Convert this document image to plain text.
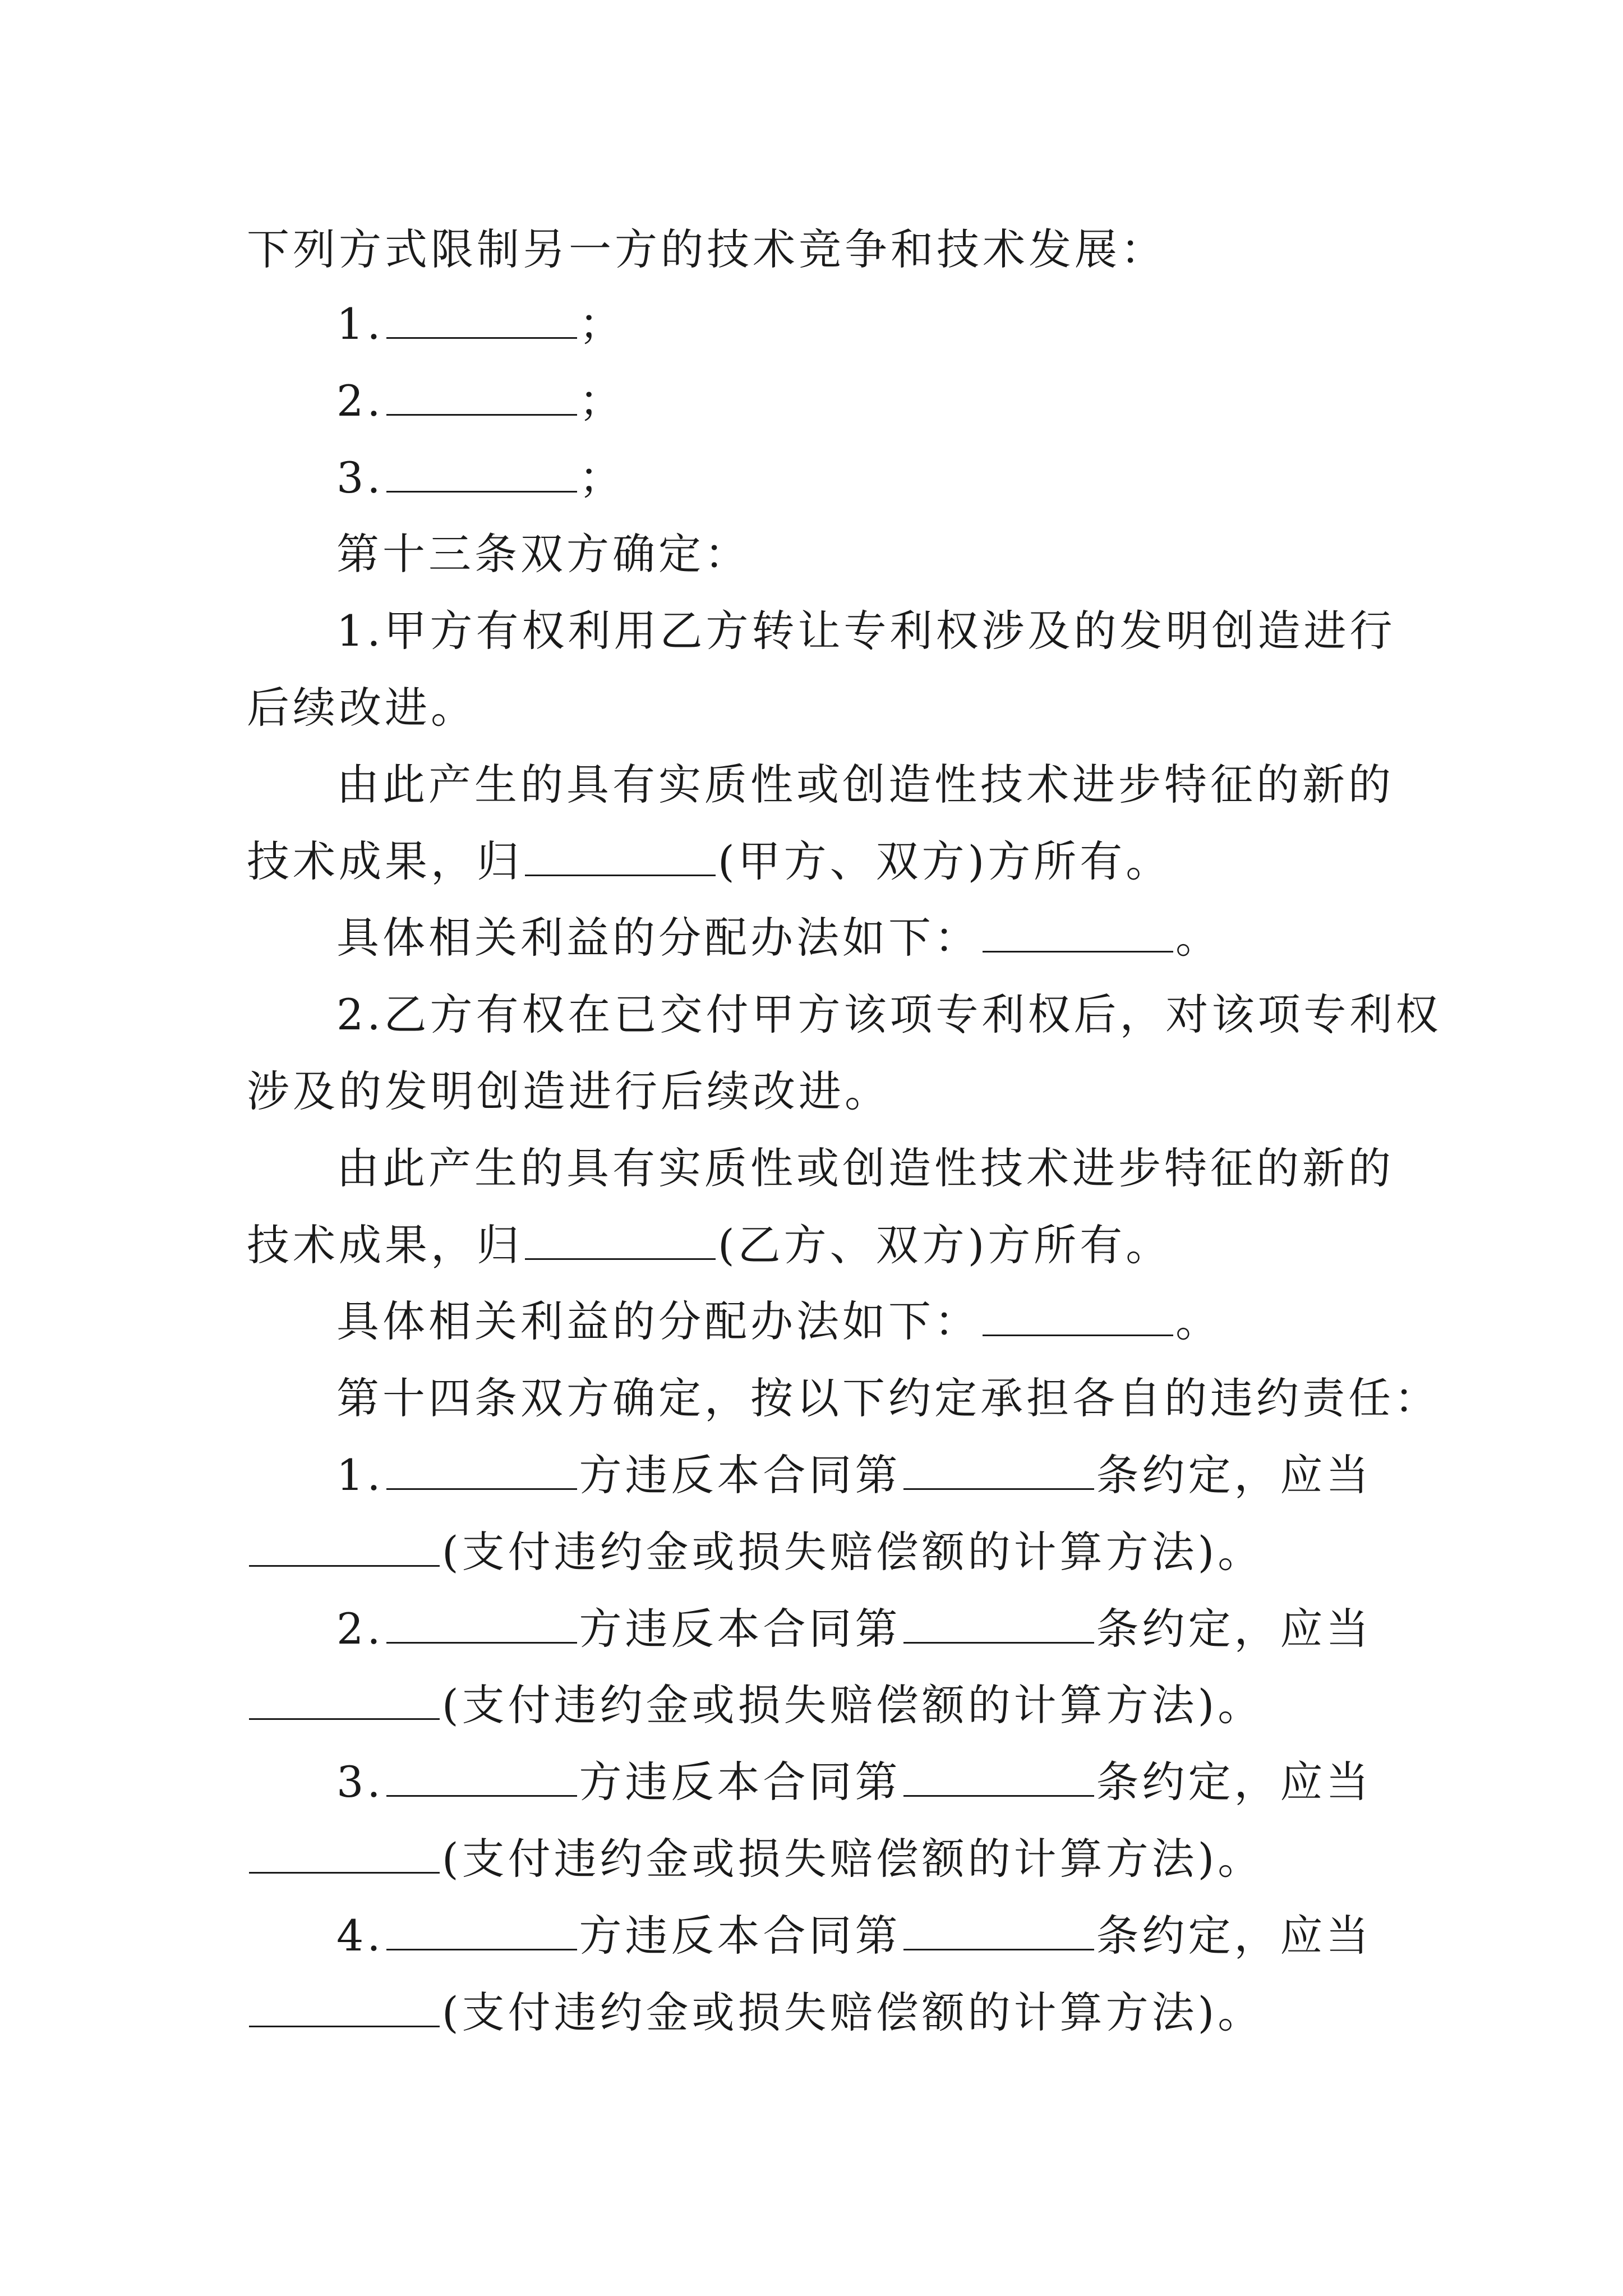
下列方式限制另一方的技术竞争和技术发展：
1.	；
2.	；
3.	；
第十三条双方确定：
1.甲方有权利用乙方转让专利权涉及的发明创造进行
后续改进。
由此产生的具有实质性或创造性技术进步特征的新的
技术成果，归	(甲方、双方)方所有。
具体相关利益的分配办法如下：	。
2.乙方有权在已交付甲方该项专利权后，对该项专利权
涉及的发明创造进行后续改进。
由此产生的具有实质性或创造性技术进步特征的新的
技术成果，归	(乙方、双方)方所有。
具体相关利益的分配办法如下：	。
第十四条双方确定，按以下约定承担各自的违约责任：
1.	方违反本合同第	条约定，应当
(支付违约金或损失赔偿额的计算方法)。
2.	方违反本合同第	条约定，应当
(支付违约金或损失赔偿额的计算方法)。
3.	方违反本合同第	条约定，应当
(支付违约金或损失赔偿额的计算方法)。
4.	方违反本合同第	条约定，应当
(支付违约金或损失赔偿额的计算方法)。
